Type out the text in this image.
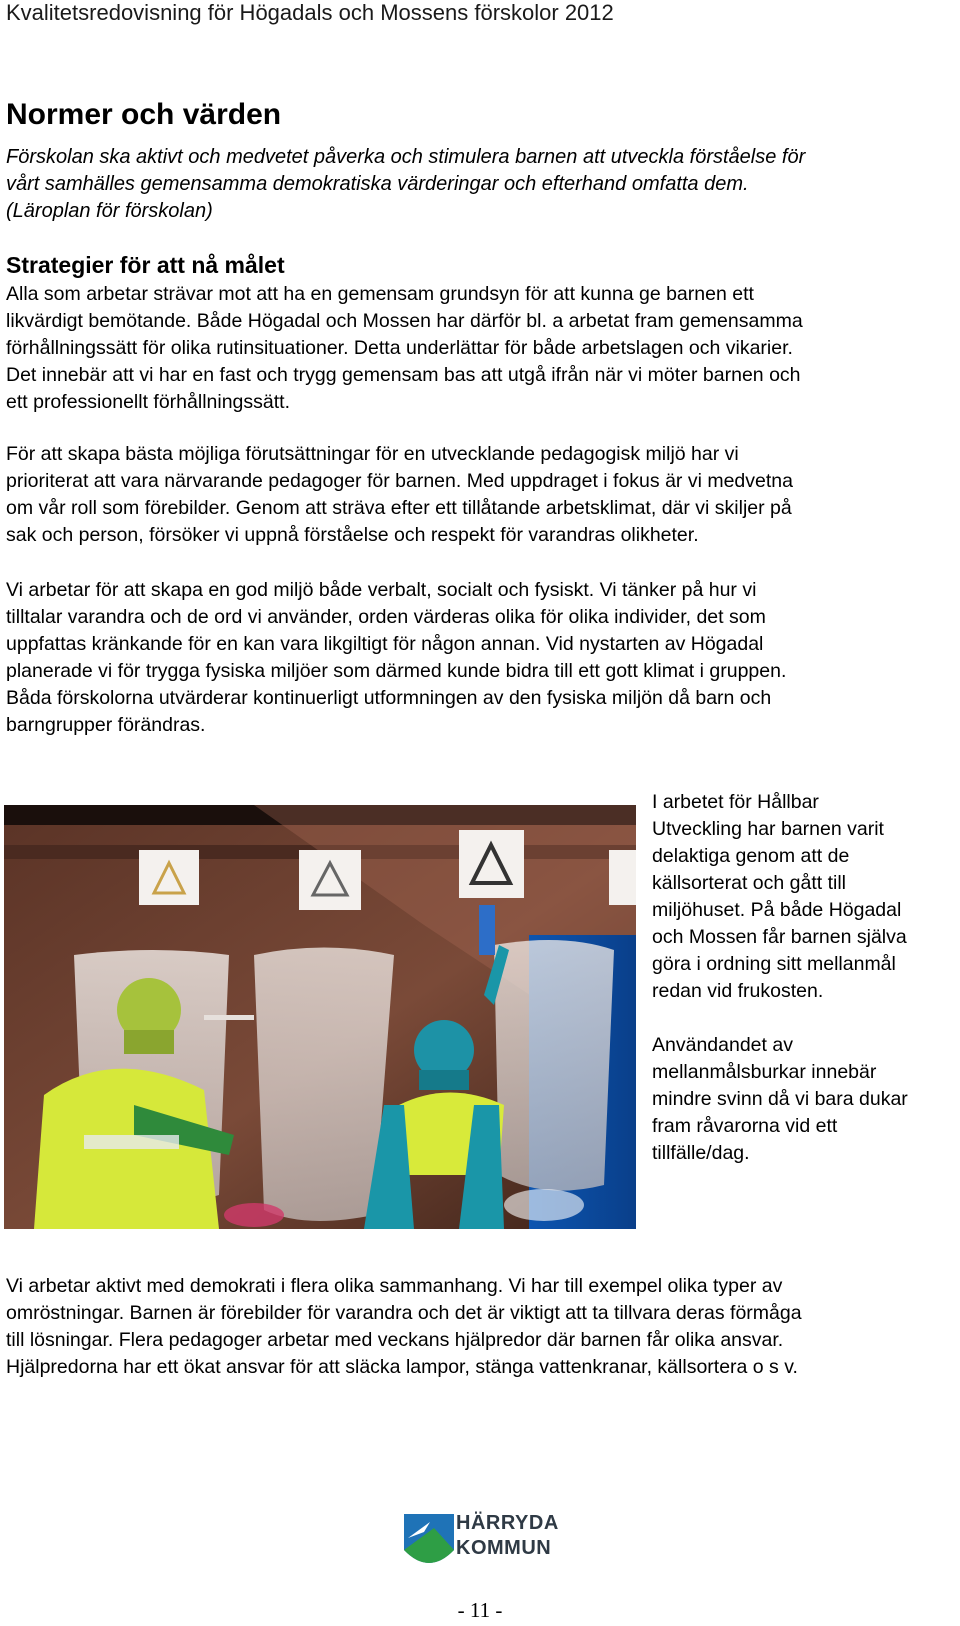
Kvalitetsredovisning för Högadals och Mossens förskolor 2012
Normer och värden
Förskolan ska aktivt och medvetet påverka och stimulera barnen att utveckla förståelse för
vårt samhälles gemensamma demokratiska värderingar och efterhand omfatta dem.
(Läroplan för förskolan)
Strategier för att nå målet
Alla som arbetar strävar mot att ha en gemensam grundsyn för att kunna ge barnen ett
likvärdigt bemötande. Både Högadal och Mossen har därför bl. a arbetat fram gemensamma
förhållningssätt för olika rutinsituationer. Detta underlättar för både arbetslagen och vikarier.
Det innebär att vi har en fast och trygg gemensam bas att utgå ifrån när vi möter barnen och
ett professionellt förhållningssätt.
För att skapa bästa möjliga förutsättningar för en utvecklande pedagogisk miljö har vi
prioriterat att vara närvarande pedagoger för barnen. Med uppdraget i fokus är vi medvetna
om vår roll som förebilder. Genom att sträva efter ett tillåtande arbetsklimat, där vi skiljer på
sak och person, försöker vi uppnå förståelse och respekt för varandras olikheter.
Vi arbetar för att skapa en god miljö både verbalt, socialt och fysiskt. Vi tänker på hur vi
tilltalar varandra och de ord vi använder, orden värderas olika för olika individer, det som
uppfattas kränkande för en kan vara likgiltigt för någon annan. Vid nystarten av Högadal
planerade vi för trygga fysiska miljöer som därmed kunde bidra till ett gott klimat i gruppen.
Båda förskolorna utvärderar kontinuerligt utformningen av den fysiska miljön då barn och
barngrupper förändras.
I arbetet för Hållbar
Utveckling har barnen varit
delaktiga genom att de
källsorterat och gått till
miljöhuset. På både Högadal
och Mossen får barnen själva
göra i ordning sitt mellanmål
redan vid frukosten.
Användandet av
mellanmålsburkar innebär
mindre svinn då vi bara dukar
fram råvarorna vid ett
tillfälle/dag.
Vi arbetar aktivt med demokrati i flera olika sammanhang. Vi har till exempel olika typer av
omröstningar. Barnen är förebilder för varandra och det är viktigt att ta tillvara deras förmåga
till lösningar. Flera pedagoger arbetar med veckans hjälpredor där barnen får olika ansvar.
Hjälpredorna har ett ökat ansvar för att släcka lampor, stänga vattenkranar, källsortera o s v.
HÄRRYDA
KOMMUN
- 11 -
